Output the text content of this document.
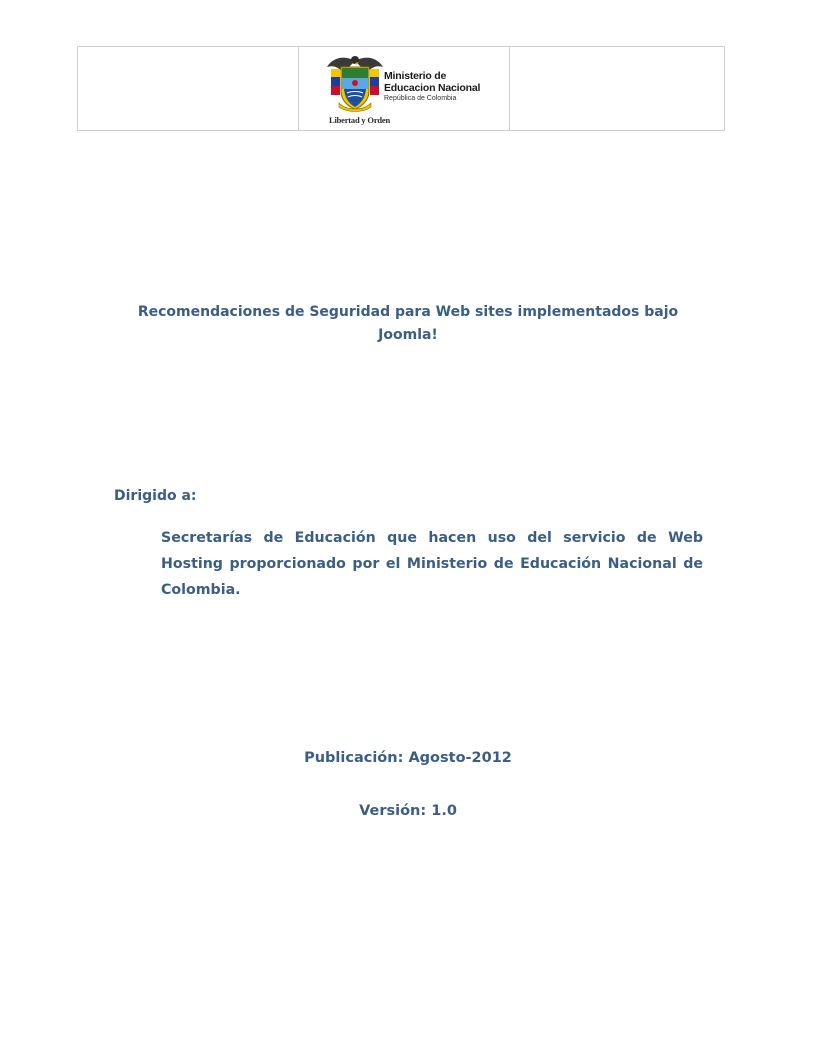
Libertad y Orden
Ministerio de
Educacion Nacional
República de Colombia
Recomendaciones de Seguridad para Web sites implementados bajo Joomla!
Dirigido a:
Secretarías de Educación que hacen uso del servicio de Web Hosting proporcionado por el Ministerio de Educación Nacional de Colombia.
Publicación: Agosto-2012
Versión: 1.0
